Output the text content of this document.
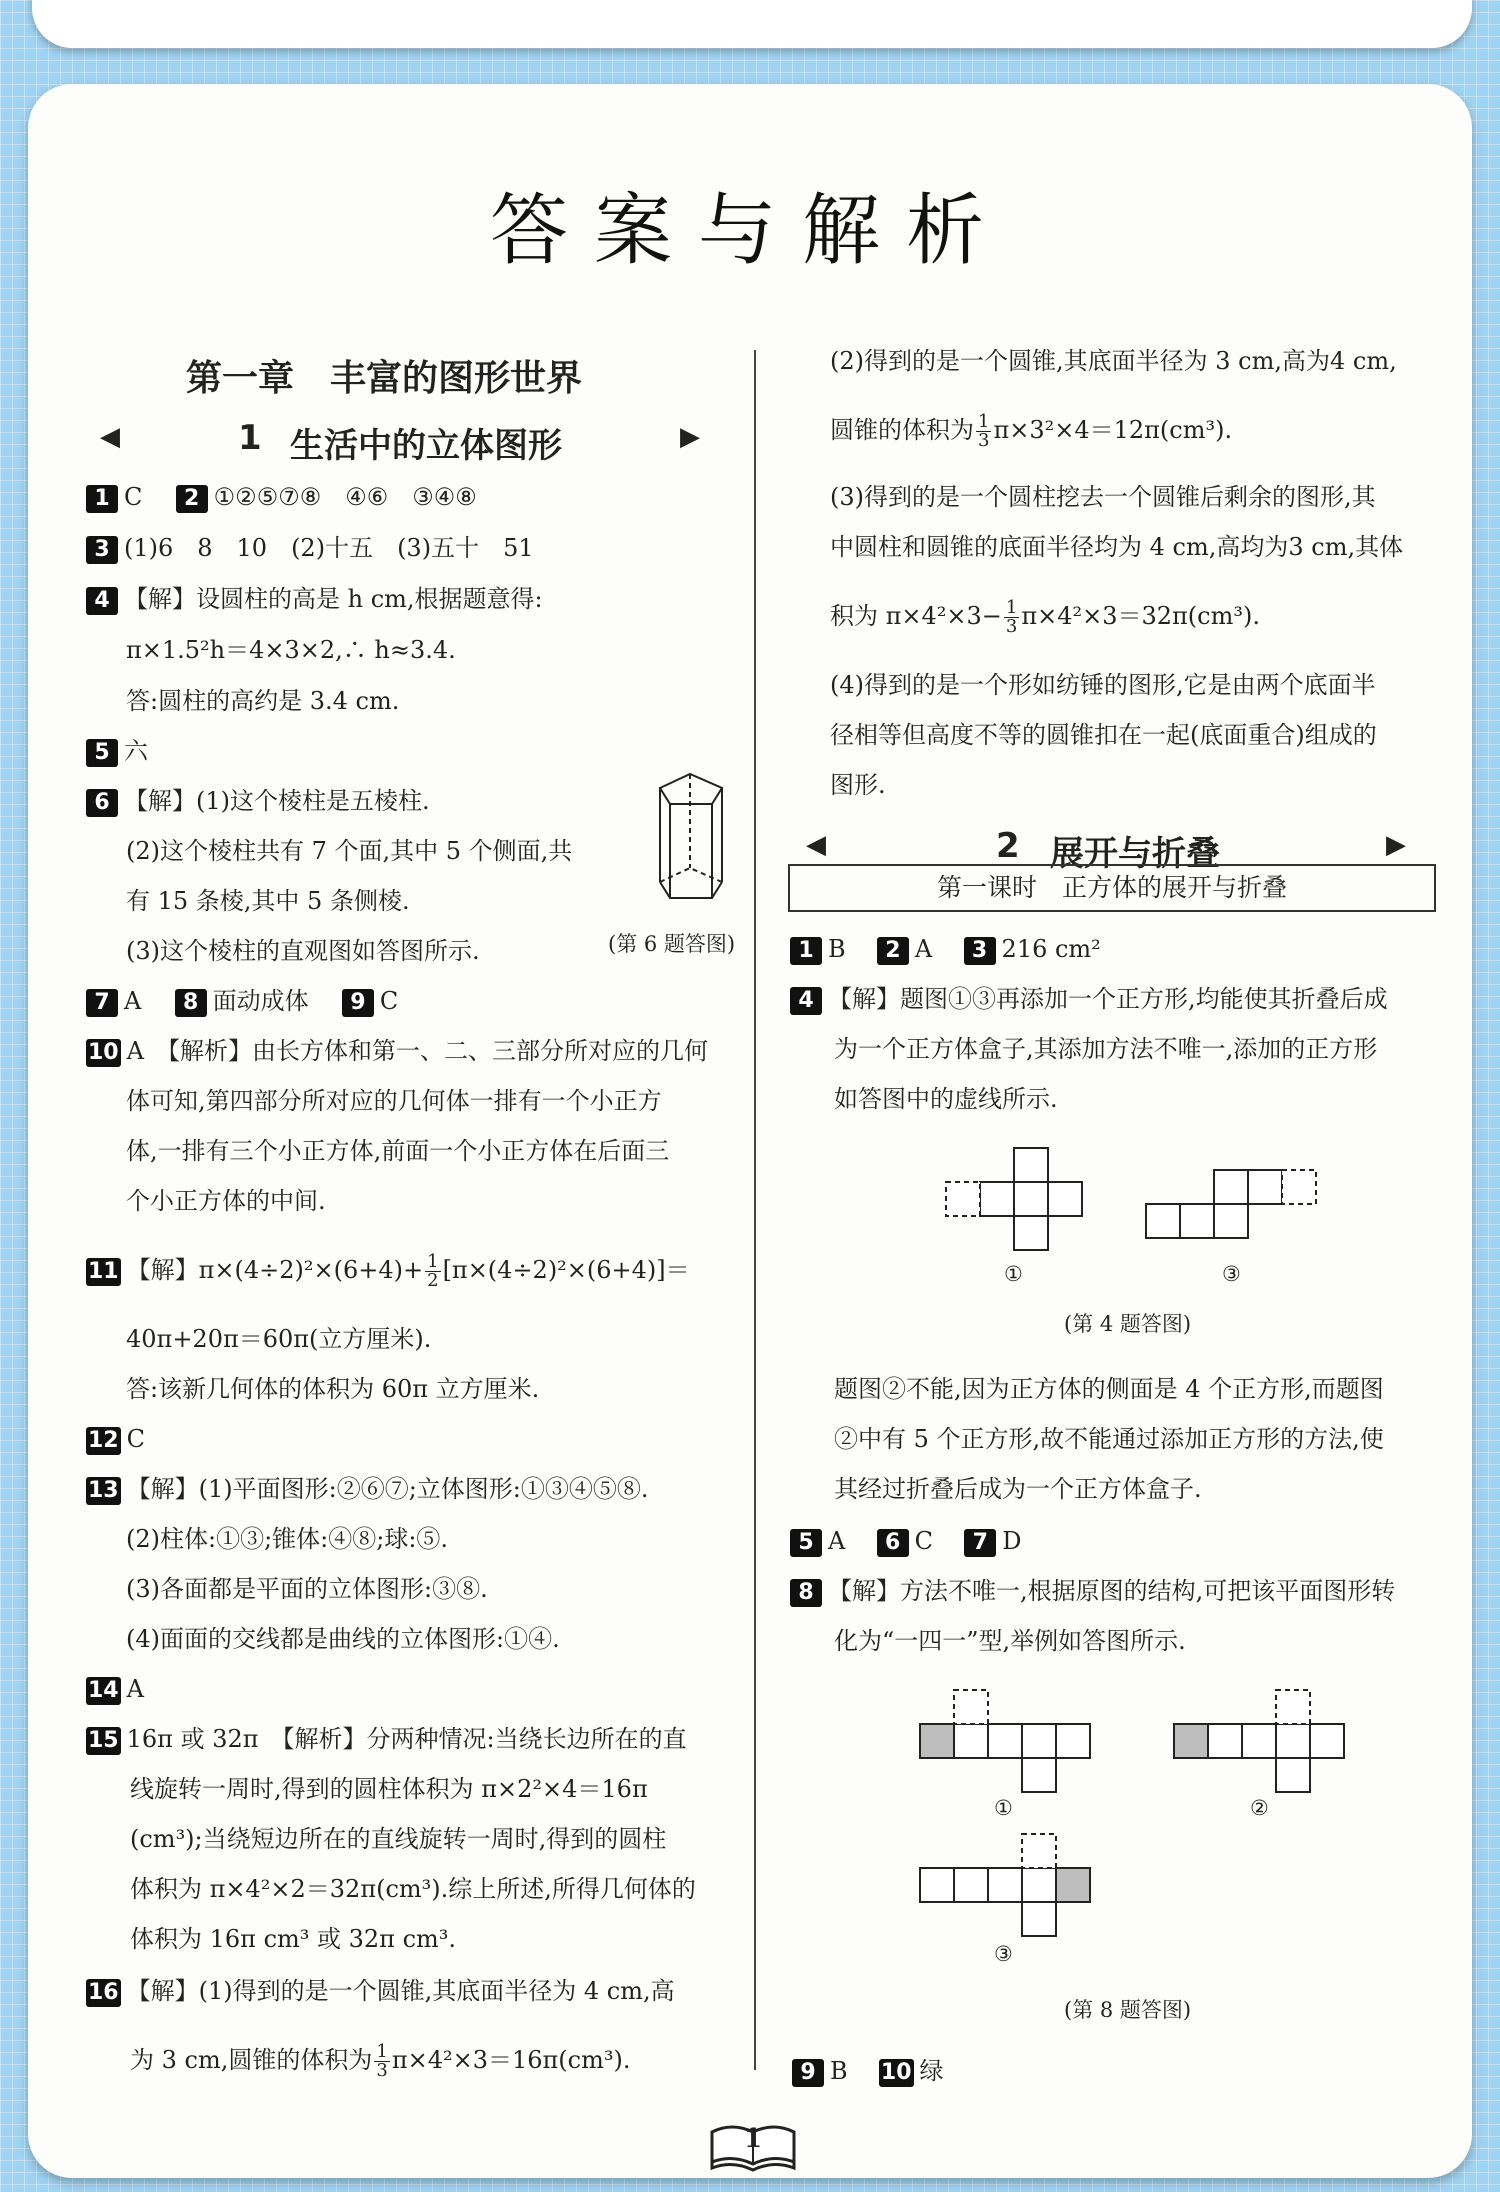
答案与解析
第一章　丰富的图形世界
◀	1 生活中的立体图形	▶
1 C 2 ①②⑤⑦⑧　④⑥　③④⑧
3 (1)6　8　10　(2)十五　(3)五十　51
4 【解】设圆柱的高是 h cm,根据题意得:
π×1.5²h＝4×3×2,∴ h≈3.4.
答:圆柱的高约是 3.4 cm.
5 六
6 【解】(1)这个棱柱是五棱柱.
(2)这个棱柱共有 7 个面,其中 5 个侧面,共
有 15 条棱,其中 5 条侧棱.
(3)这个棱柱的直观图如答图所示.	(第 6 题答图)
7 A 8 面动成体 9 C
10 A　【解析】由长方体和第一、二、三部分所对应的几何
体可知,第四部分所对应的几何体一排有一个小正方
体,一排有三个小正方体,前面一个小正方体在后面三
个小正方体的中间.
11 【解】$\pi\times(4\div 2)^2\times(6+4)+ \frac{1}{2} [\pi\times(4\div 2)^2\times(6+4)]=$
40π+20π＝60π(立方厘米).
答:该新几何体的体积为 60π 立方厘米.
12 C
13 【解】(1)平面图形:②⑥⑦;立体图形:①③④⑤⑧.
(2)柱体:①③;锥体:④⑧;球:⑤.
(3)各面都是平面的立体图形:③⑧.
(4)面面的交线都是曲线的立体图形:①④.
14 A
15 16π 或 32π　【解析】分两种情况:当绕长边所在的直
线旋转一周时,得到的圆柱体积为 π×2²×4＝16π
(cm³);当绕短边所在的直线旋转一周时,得到的圆柱
体积为 π×4²×2＝32π(cm³).综上所述,所得几何体的
体积为 16π cm³ 或 32π cm³.
16 【解】(1)得到的是一个圆锥,其底面半径为 4 cm,高
为 3 cm,圆锥的体积为 $\frac{1}{3} \pi\times 4^2\times 3=16\pi(cm^3)$.
(2)得到的是一个圆锥,其底面半径为 3 cm,高为4 cm,
圆锥的体积为 $\frac{1}{3} \pi\times 3^2\times 4=12\pi(cm^3)$.
(3)得到的是一个圆柱挖去一个圆锥后剩余的图形,其
中圆柱和圆锥的底面半径均为 4 cm,高均为3 cm,其体
积为 $\pi\times 4^2\times 3- \frac{1}{3} \pi\times 4^2\times 3=32\pi(cm^3)$.
(4)得到的是一个形如纺锤的图形,它是由两个底面半
径相等但高度不等的圆锥扣在一起(底面重合)组成的
图形.
◀	2 展开与折叠	▶
第一课时　正方体的展开与折叠
1 B 2 A 3 216 cm²
4 【解】题图①③再添加一个正方形,均能使其折叠后成
为一个正方体盒子,其添加方法不唯一,添加的正方形
如答图中的虚线所示.
①	③
(第 4 题答图)
题图②不能,因为正方体的侧面是 4 个正方形,而题图
②中有 5 个正方形,故不能通过添加正方形的方法,使
其经过折叠后成为一个正方体盒子.
5 A 6 C 7 D
8 【解】方法不唯一,根据原图的结构,可把该平面图形转
化为“一四一”型,举例如答图所示.
①	②
③
(第 8 题答图)
9 B 10 绿
1
